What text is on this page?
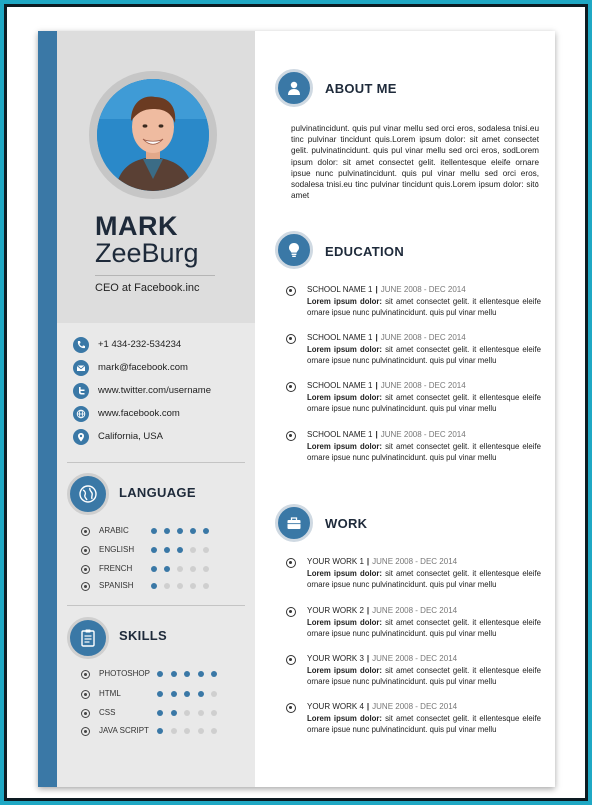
MARK
ZeeBurg
CEO at Facebook.inc
+1 434-232-534234
mark@facebook.com
www.twitter.com/username
www.facebook.com
California, USA
LANGUAGE
ARABIC
ENGLISH
FRENCH
SPANISH
SKILLS
PHOTOSHOP
HTML
CSS
JAVA SCRIPT
ABOUT ME
pulvinatincidunt. quis pul vinar mellu sed orci eros, sodalesa tnisi.eu tinc pulvinar tincidunt quis.Lorem ipsum dolor: sit amet consectet gelit. pulvinatincidunt. quis pul vinar mellu sed orci eros, sodLorem ipsum dolor: sit amet consectet gelit. itellentesque eleife ornare ipsue nunc pulvinatincidunt. quis pul vinar mellu sed orci eros, sodalesa tnisi.eu tinc pulvinar tincidunt quis.Lorem ipsum dolor: sit٥ amet
EDUCATION
SCHOOL NAME 1 | JUNE 2008 - DEC 2014
Lorem ipsum dolor: sit amet consectet gelit. it ellentesque eleife ornare ipsue nunc pulvinatincidunt. quis pul vinar mellu
SCHOOL NAME 1 | JUNE 2008 - DEC 2014
Lorem ipsum dolor: sit amet consectet gelit. it ellentesque eleife ornare ipsue nunc pulvinatincidunt. quis pul vinar mellu
SCHOOL NAME 1 | JUNE 2008 - DEC 2014
Lorem ipsum dolor: sit amet consectet gelit. it ellentesque eleife ornare ipsue nunc pulvinatincidunt. quis pul vinar mellu
SCHOOL NAME 1 | JUNE 2008 - DEC 2014
Lorem ipsum dolor: sit amet consectet gelit. it ellentesque eleife ornare ipsue nunc pulvinatincidunt. quis pul vinar mellu
WORK
YOUR WORK 1 | JUNE 2008 - DEC 2014
Lorem ipsum dolor: sit amet consectet gelit. it ellentesque eleife ornare ipsue nunc pulvinatincidunt. quis pul vinar mellu
YOUR WORK 2 | JUNE 2008 - DEC 2014
Lorem ipsum dolor: sit amet consectet gelit. it ellentesque eleife ornare ipsue nunc pulvinatincidunt. quis pul vinar mellu
YOUR WORK 3 | JUNE 2008 - DEC 2014
Lorem ipsum dolor: sit amet consectet gelit. it ellentesque eleife ornare ipsue nunc pulvinatincidunt. quis pul vinar mellu
YOUR WORK 4 | JUNE 2008 - DEC 2014
Lorem ipsum dolor: sit amet consectet gelit. it ellentesque eleife ornare ipsue nunc pulvinatincidunt. quis pul vinar mellu
